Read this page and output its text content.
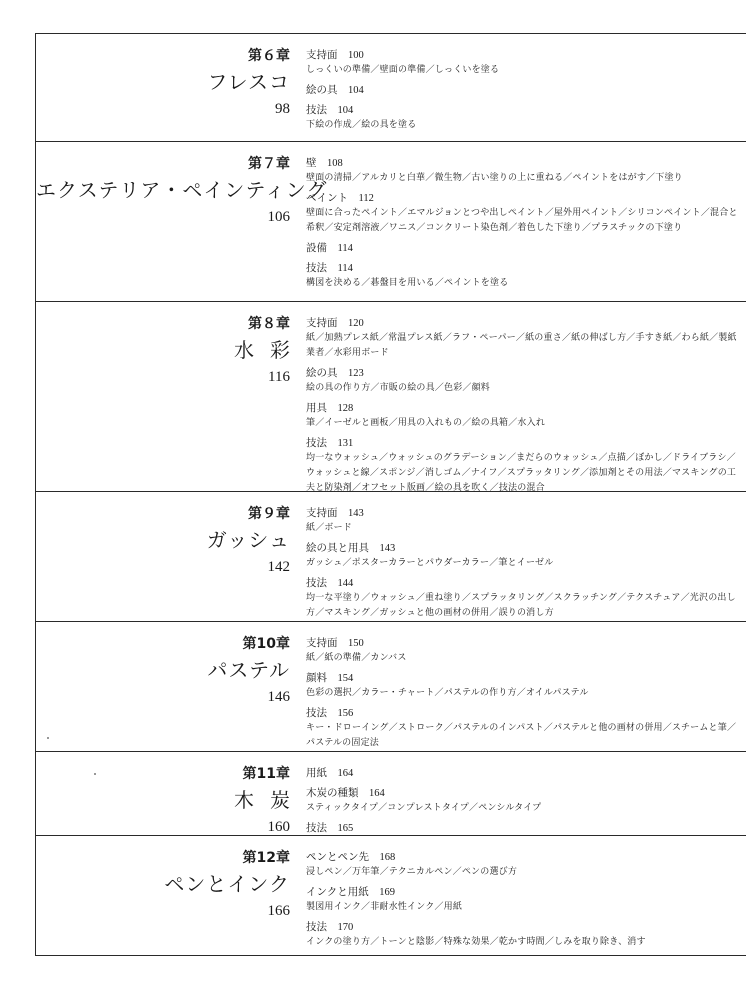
第６章
フレスコ
98
支持面　100
しっくいの準備／壁面の準備／しっくいを塗る
絵の具　104
技法　104
下絵の作成／絵の具を塗る
第７章
エクステリア・ペインティング
106
壁　108
壁面の清掃／アルカリと白華／微生物／古い塗りの上に重ねる／ペイントをはがす／下塗り
ペイント　112
壁面に合ったペイント／エマルジョンとつや出しペイント／屋外用ペイント／シリコンペイント／混合と希釈／安定剤溶液／ワニス／コンクリート染色剤／着色した下塗り／プラスチックの下塗り
設備　114
技法　114
構図を決める／碁盤目を用いる／ペイントを塗る
第８章
水彩
116
支持面　120
紙／加熱プレス紙／常温プレス紙／ラフ・ペーパー／紙の重さ／紙の伸ばし方／手すき紙／わら紙／製紙業者／水彩用ボード
絵の具　123
絵の具の作り方／市販の絵の具／色彩／顔料
用具　128
筆／イーゼルと画板／用具の入れもの／絵の具箱／水入れ
技法　131
均一なウォッシュ／ウォッシュのグラデーション／まだらのウォッシュ／点描／ぼかし／ドライブラシ／ウォッシュと線／スポンジ／消しゴム／ナイフ／スプラッタリング／添加剤とその用法／マスキングの工夫と防染剤／オフセット版画／絵の具を吹く／技法の混合
第９章
ガッシュ
142
支持面　143
紙／ボード
絵の具と用具　143
ガッシュ／ポスターカラーとパウダーカラー／筆とイーゼル
技法　144
均一な平塗り／ウォッシュ／重ね塗り／スプラッタリング／スクラッチング／テクスチュア／光沢の出し方／マスキング／ガッシュと他の画材の併用／誤りの消し方
第10章
パステル
146
支持面　150
紙／紙の準備／カンバス
顔料　154
色彩の選択／カラー・チャート／パステルの作り方／オイルパステル
技法　156
キー・ドローイング／ストローク／パステルのインパスト／パステルと他の画材の併用／スチームと筆／パステルの固定法
第11章
木炭
160
用紙　164
木炭の種類　164
スティックタイプ／コンプレストタイプ／ペンシルタイプ
技法　165
第12章
ペンとインク
166
ペンとペン先　168
浸しペン／万年筆／テクニカルペン／ペンの選び方
インクと用紙　169
製図用インク／非耐水性インク／用紙
技法　170
インクの塗り方／トーンと陰影／特殊な効果／乾かす時間／しみを取り除き、消す
